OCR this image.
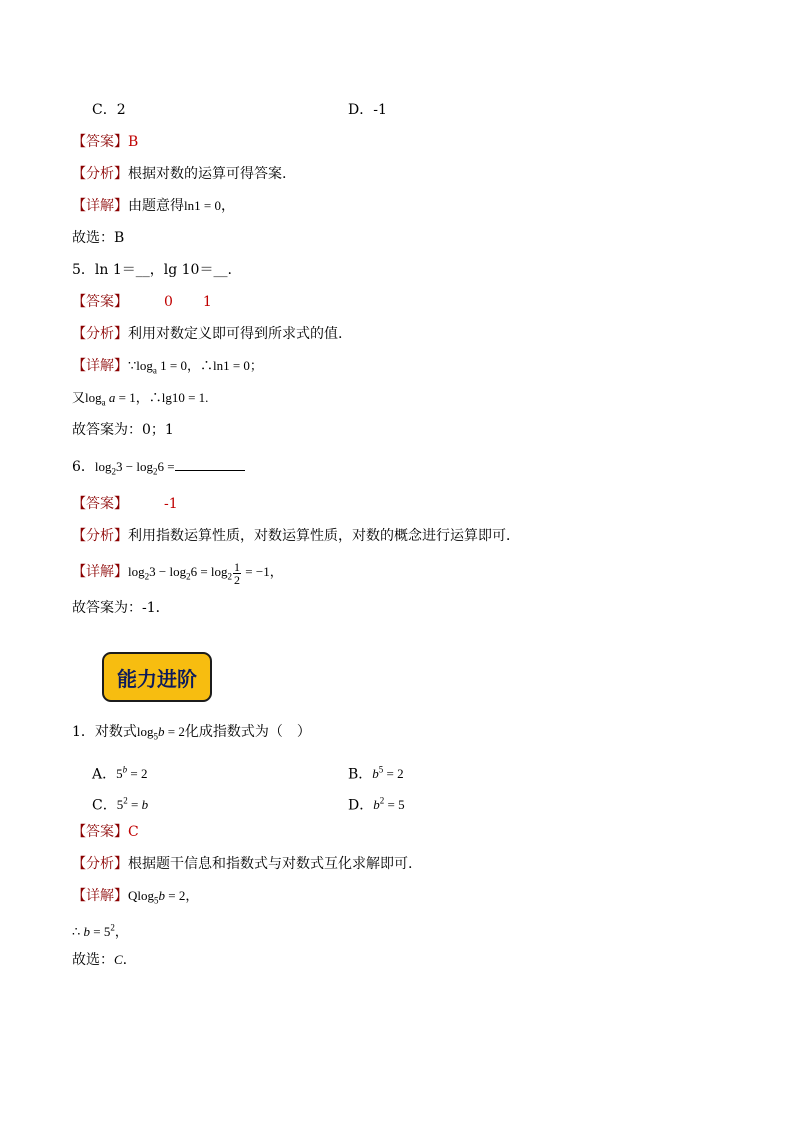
C．2	D．-1
【答案】B
【分析】根据对数的运算可得答案.
【详解】由题意得ln1 = 0，
故选：B
5．ln 1＝__，lg 10＝__.
【答案】	0 1
【分析】利用对数定义即可得到所求式的值.
【详解】$\because\log_a$ 1 = 0，∴ln1 = 0；
又$\log_a a = 1$，∴lg10 = 1.
故答案为：0；1
6．$\log_23 - \log_26$ =
【答案】	-1
【分析】利用指数运算性质，对数运算性质，对数的概念进行运算即可．
【详解】$\log_23 - \log_26 = \log_2 \frac{1}{2} = -1$，
故答案为：-1．
能力进阶
1．对数式$\log_5b = 2$化成指数式为（　）
A．$5^b = 2$	B．$b^5 = 2$
C．$5^2 = b$	D．$b^2 = 5$
【答案】C
【分析】根据题干信息和指数式与对数式互化求解即可.
【详解】Qlog$_5$b = 2，
∴ $b = 5^2$，
故选：C.
